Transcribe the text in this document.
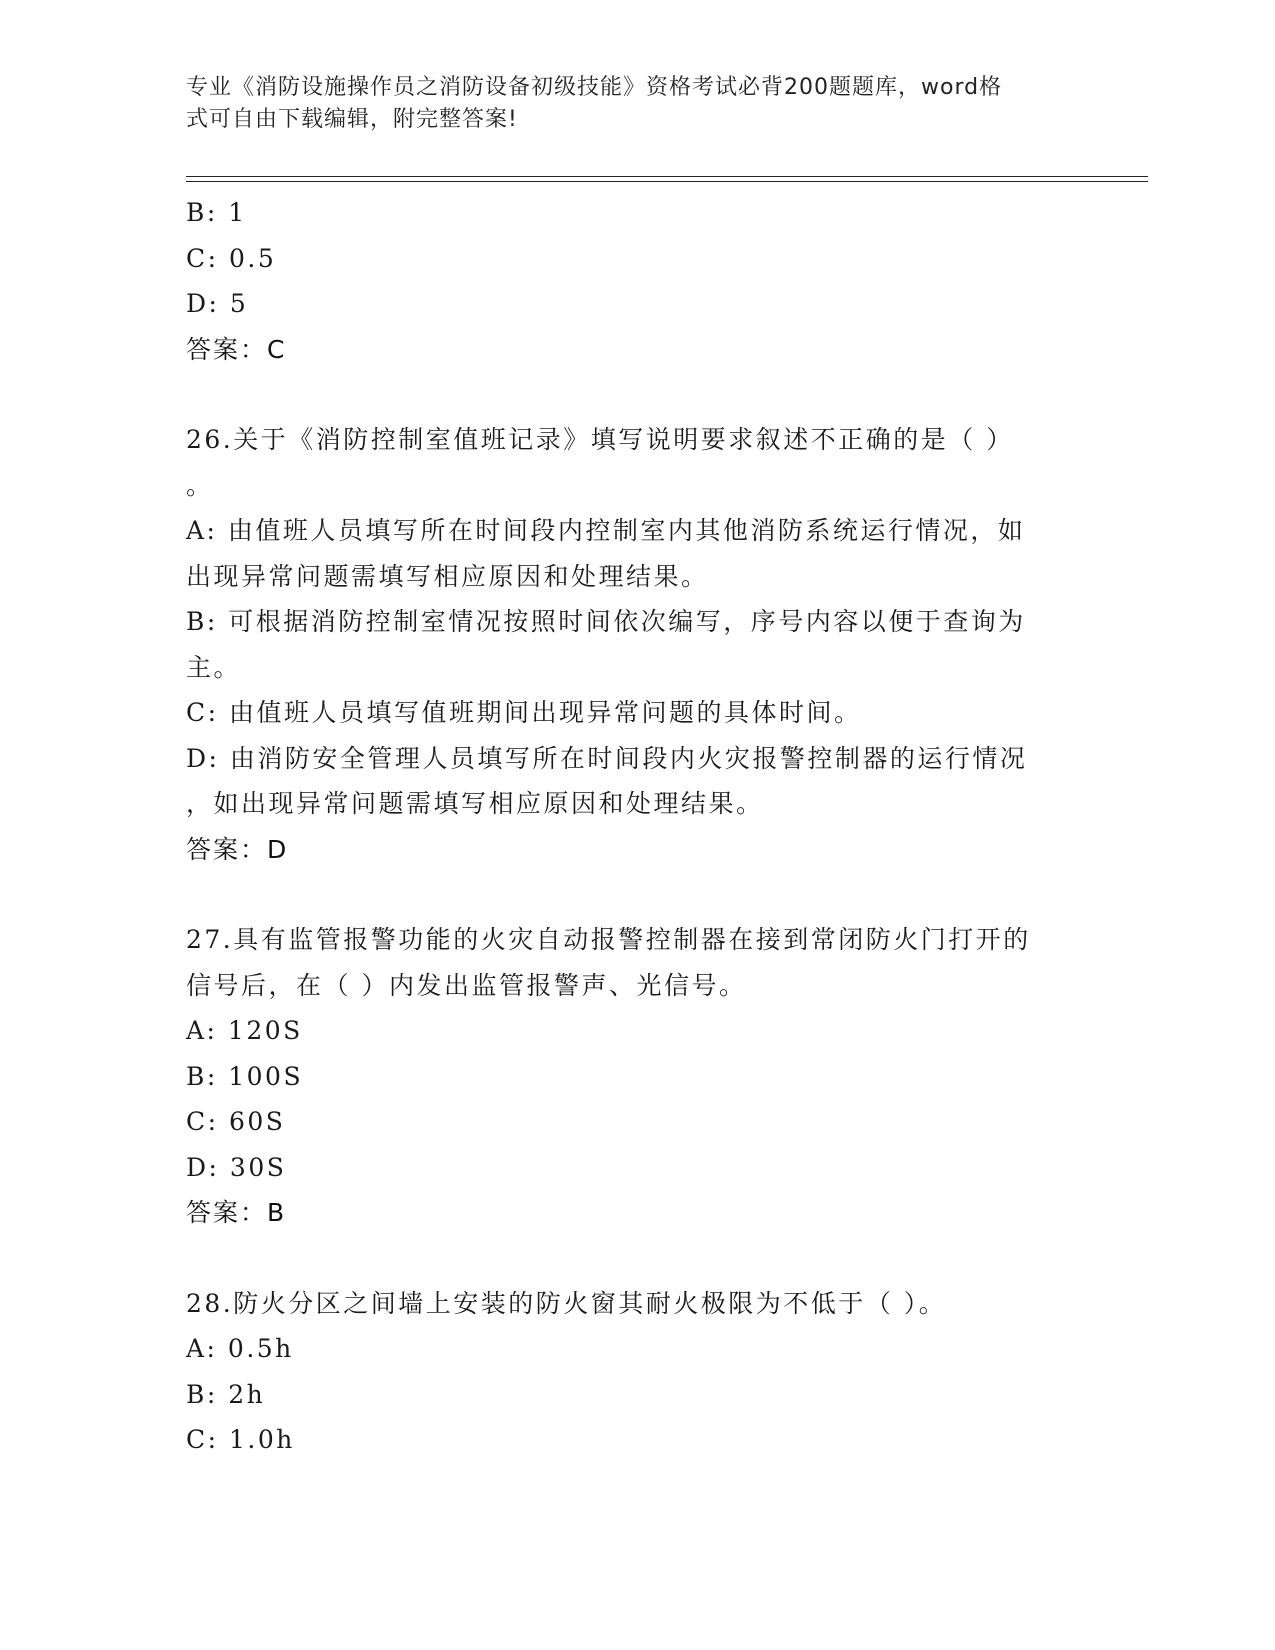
专业《消防设施操作员之消防设备初级技能》资格考试必背200题题库，word格
式可自由下载编辑，附完整答案!

B: 1

C: 0.5

D: 5

答案：C

26.关于《消防控制室值班记录》填写说明要求叙述不正确的是（ ）

。

A: 由值班人员填写所在时间段内控制室内其他消防系统运行情况，如

出现异常问题需填写相应原因和处理结果。

B: 可根据消防控制室情况按照时间依次编写，序号内容以便于查询为

主。

C: 由值班人员填写值班期间出现异常问题的具体时间。

D: 由消防安全管理人员填写所在时间段内火灾报警控制器的运行情况

，如出现异常问题需填写相应原因和处理结果。

答案：D

27.具有监管报警功能的火灾自动报警控制器在接到常闭防火门打开的

信号后，在（ ）内发出监管报警声、光信号。

A: 120S

B: 100S

C: 60S

D: 30S

答案：B

28.防火分区之间墙上安装的防火窗其耐火极限为不低于（ ）。

A: 0.5h

B: 2h

C: 1.0h
